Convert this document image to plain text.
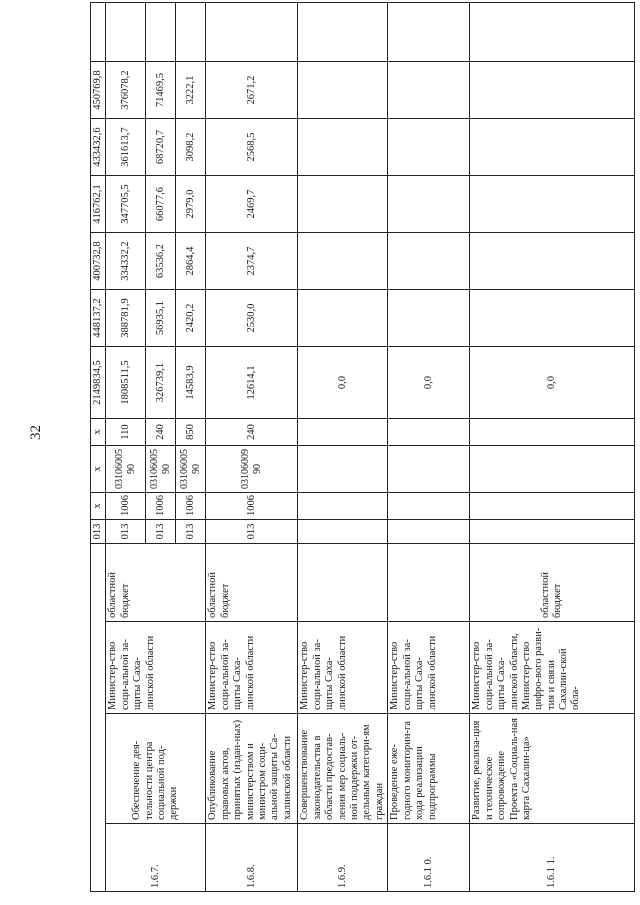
32
				013	x	x	x	2149834,5	448137,2	400732,8	416762,1	433432,6	450769,8	
1.6.7.	Обеспечение дея-тельности центра социальной под-держки	Министер-ство соци-альной за-щиты Саха-линской области	областной бюджет	013	1006	03106005 90	110	1808511,5	388781,9	334332,2	347705,5	361613,7	376078,2	
				013	1006	03106005 90	240	326739,1	56935,1	63536,2	66077,6	68720,7	71469,5	
				013	1006	03106005 90	850	14583,9	2420,2	2864,4	2979,0	3098,2	3222,1	
1.6.8.	Опубликование правовых актов, принятых (издан-ных) министерством и министром соци-альной защиты Са-халинской области	Министер-ство соци-альной за-щиты Саха-линской области	областной бюджет	013	1006	03106009 90	240	12614,1	2530,0	2374,7	2469,7	2568,5	2671,2	
1.6.9.	Совершенствование законодательства в области предостав-ления мер социаль-ной поддержки от-дельным категори-ям граждан	Министер-ство соци-альной за-щиты Саха-линской области						0,0						
1.6.1 0.	Проведение еже-годного мониторин-га хода реализации подпрограммы	Министер-ство соци-альной за-щиты Саха-линской области						0,0						
1.6.1 1.	Развитие, реализа-ция и техническое сопровождение Проекта «Социаль-ная карта Сахалин-ца»	Министер-ство соци-альной за-щиты Саха-линской области, Министер-ство цифро-вого разви-тия и связи Сахалин-ской обла-	областной бюджет					0,0						
